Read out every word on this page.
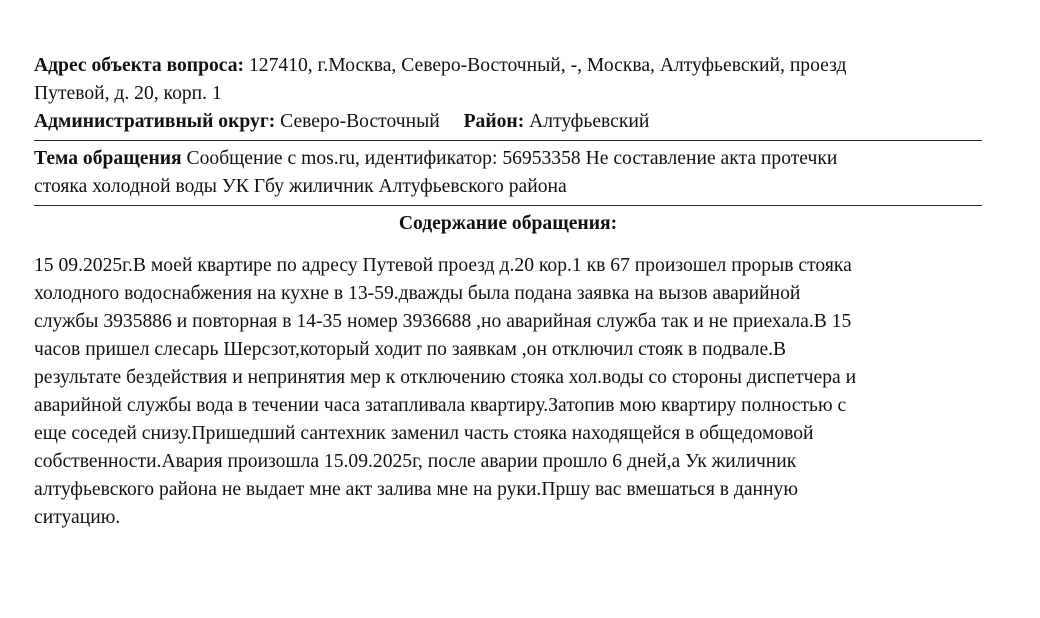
Адрес объекта вопроса: 127410, г.Москва, Северо-Восточный, -, Москва, Алтуфьевский, проезд
Путевой, д. 20, корп. 1
Административный округ: Северо-Восточный Район: Алтуфьевский
Тема обращения Сообщение с mos.ru, идентификатор: 56953358 Не составление акта протечки
стояка холодной воды УК Гбу жиличник Алтуфьевского района
Содержание обращения:
15 09.2025г.В моей квартире по адресу Путевой проезд д.20 кор.1 кв 67 произошел прорыв стояка
холодного водоснабжения на кухне в 13-59.дважды была подана заявка на вызов аварийной
службы 3935886 и повторная в 14-35 номер 3936688 ,но аварийная служба так и не приехала.В 15
часов пришел слесарь Шерсзот,который ходит по заявкам ,он отключил стояк в подвале.В
результате бездействия и непринятия мер к отключению стояка хол.воды со стороны диспетчера и
аварийной службы вода в течении часа затапливала квартиру.Затопив мою квартиру полностью с
еще соседей снизу.Пришедший сантехник заменил часть стояка находящейся в общедомовой
собственности.Авария произошла 15.09.2025г, после аварии прошло 6 дней,а Ук жиличник
алтуфьевского района не выдает мне акт залива мне на руки.Пршу вас вмешаться в данную
ситуацию.
